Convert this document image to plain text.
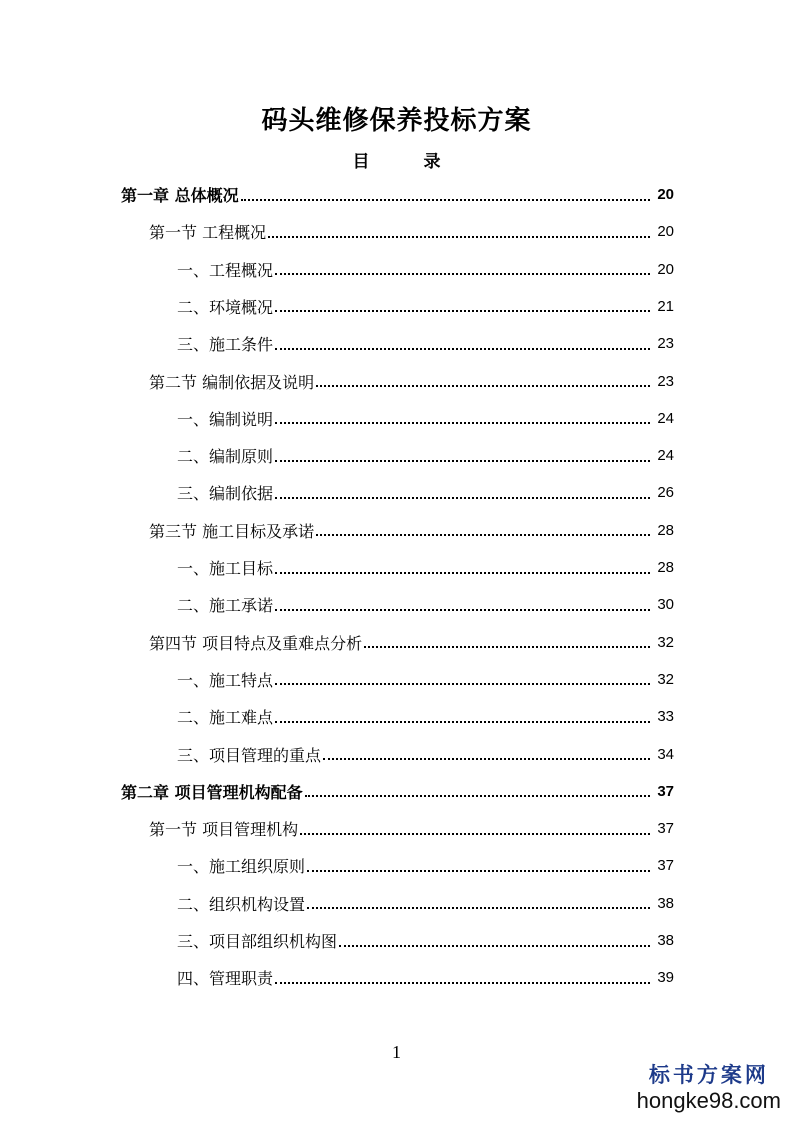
码头维修保养投标方案
目 录
第一章 总体概况	20
第一节 工程概况	20
一、工程概况	20
二、环境概况	21
三、施工条件	23
第二节 编制依据及说明	23
一、编制说明	24
二、编制原则	24
三、编制依据	26
第三节 施工目标及承诺	28
一、施工目标	28
二、施工承诺	30
第四节 项目特点及重难点分析	32
一、施工特点	32
二、施工难点	33
三、项目管理的重点	34
第二章 项目管理机构配备	37
第一节 项目管理机构	37
一、施工组织原则	37
二、组织机构设置	38
三、项目部组织机构图	38
四、管理职责	39
1
标书方案网
hongke98.com
